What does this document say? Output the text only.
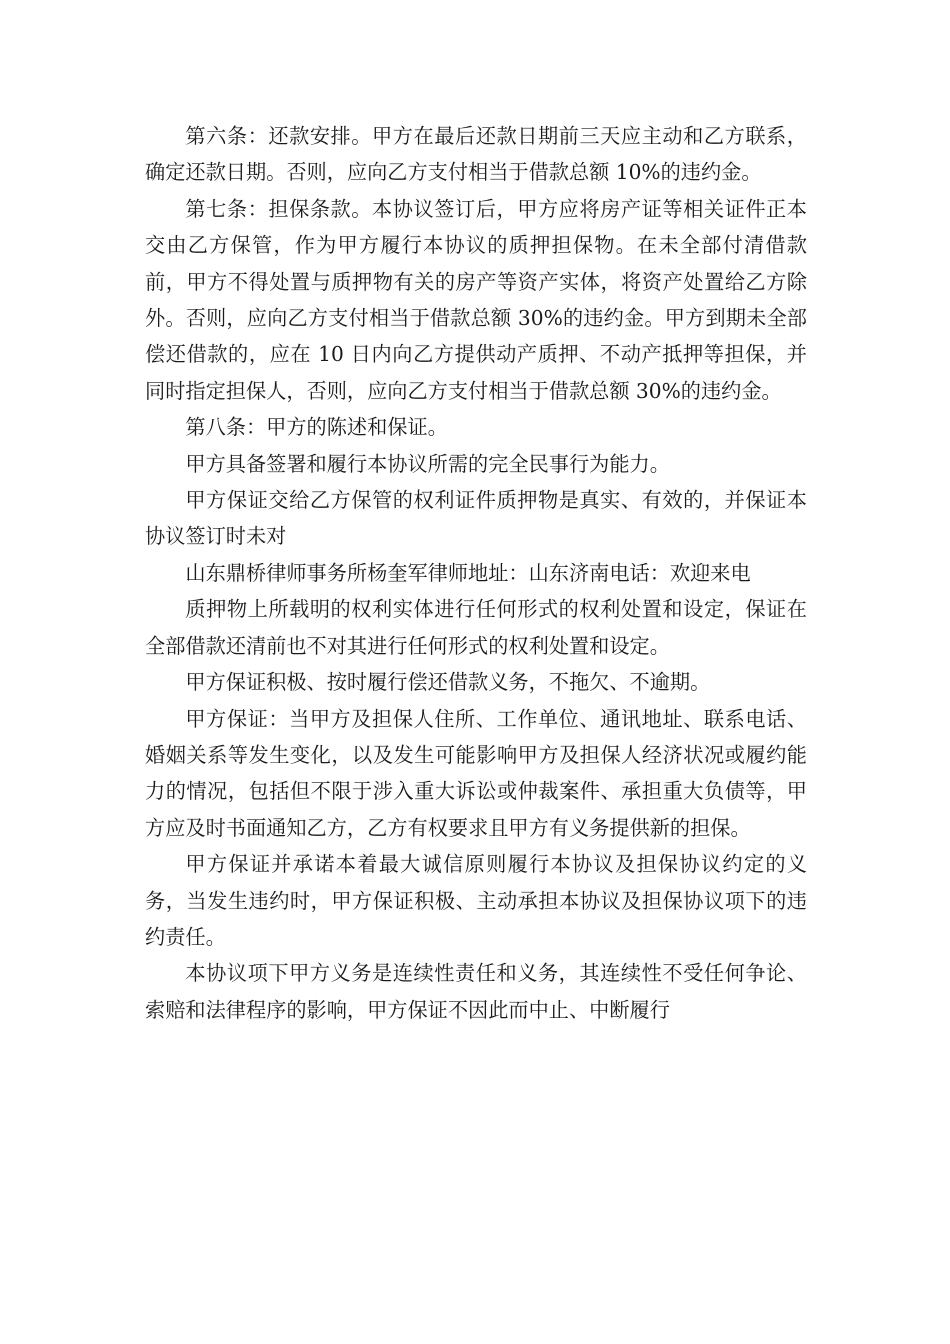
第六条：还款安排。甲方在最后还款日期前三天应主动和乙方联系，确定还款日期。否则，应向乙方支付相当于借款总额 10%的违约金。

第七条：担保条款。本协议签订后，甲方应将房产证等相关证件正本交由乙方保管，作为甲方履行本协议的质押担保物。在未全部付清借款前，甲方不得处置与质押物有关的房产等资产实体，将资产处置给乙方除外。否则，应向乙方支付相当于借款总额 30%的违约金。甲方到期未全部偿还借款的，应在 10 日内向乙方提供动产质押、不动产抵押等担保，并同时指定担保人，否则，应向乙方支付相当于借款总额 30%的违约金。

第八条：甲方的陈述和保证。

甲方具备签署和履行本协议所需的完全民事行为能力。

甲方保证交给乙方保管的权利证件质押物是真实、有效的，并保证本协议签订时未对

山东鼎桥律师事务所杨奎军律师地址：山东济南电话：欢迎来电

质押物上所载明的权利实体进行任何形式的权利处置和设定，保证在全部借款还清前也不对其进行任何形式的权利处置和设定。

甲方保证积极、按时履行偿还借款义务，不拖欠、不逾期。

甲方保证：当甲方及担保人住所、工作单位、通讯地址、联系电话、婚姻关系等发生变化，以及发生可能影响甲方及担保人经济状况或履约能力的情况，包括但不限于涉入重大诉讼或仲裁案件、承担重大负债等，甲方应及时书面通知乙方，乙方有权要求且甲方有义务提供新的担保。

甲方保证并承诺本着最大诚信原则履行本协议及担保协议约定的义务，当发生违约时，甲方保证积极、主动承担本协议及担保协议项下的违约责任。

本协议项下甲方义务是连续性责任和义务，其连续性不受任何争论、索赔和法律程序的影响，甲方保证不因此而中止、中断履行
